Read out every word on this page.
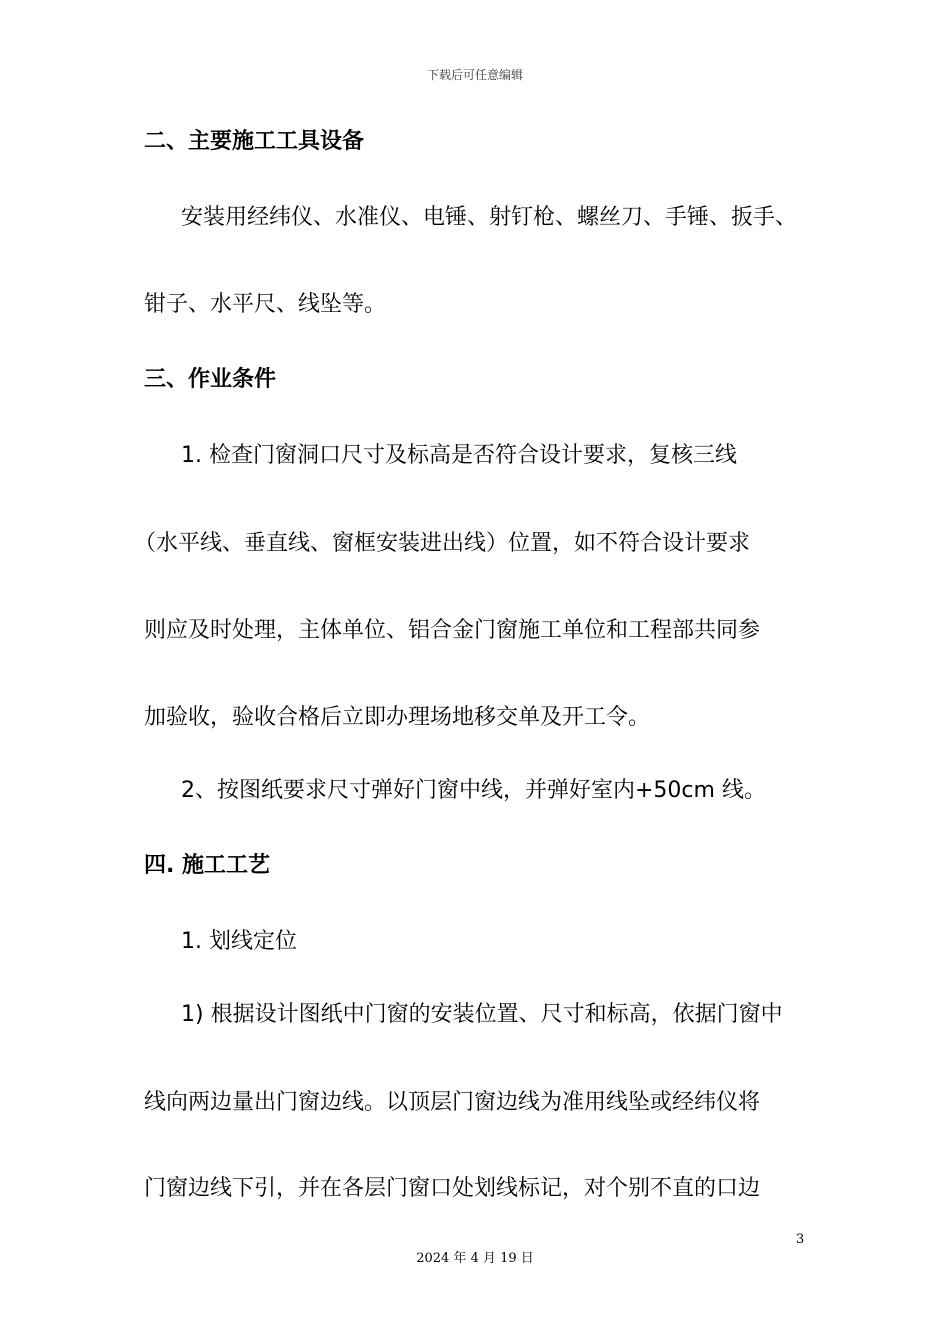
下载后可任意编辑
二、主要施工工具设备
安装用经纬仪、水准仪、电锤、射钉枪、螺丝刀、手锤、扳手、
钳子、水平尺、线坠等。
三、作业条件
1. 检查门窗洞口尺寸及标高是否符合设计要求，复核三线
（水平线、垂直线、窗框安装进出线）位置，如不符合设计要求
则应及时处理，主体单位、铝合金门窗施工单位和工程部共同参
加验收，验收合格后立即办理场地移交单及开工令。
2、按图纸要求尺寸弹好门窗中线，并弹好室内+50cm 线。
四. 施工工艺
1. 划线定位
1) 根据设计图纸中门窗的安装位置、尺寸和标高，依据门窗中
线向两边量出门窗边线。以顶层门窗边线为准用线坠或经纬仪将
门窗边线下引，并在各层门窗口处划线标记，对个别不直的口边
3
2024 年 4 月 19 日
